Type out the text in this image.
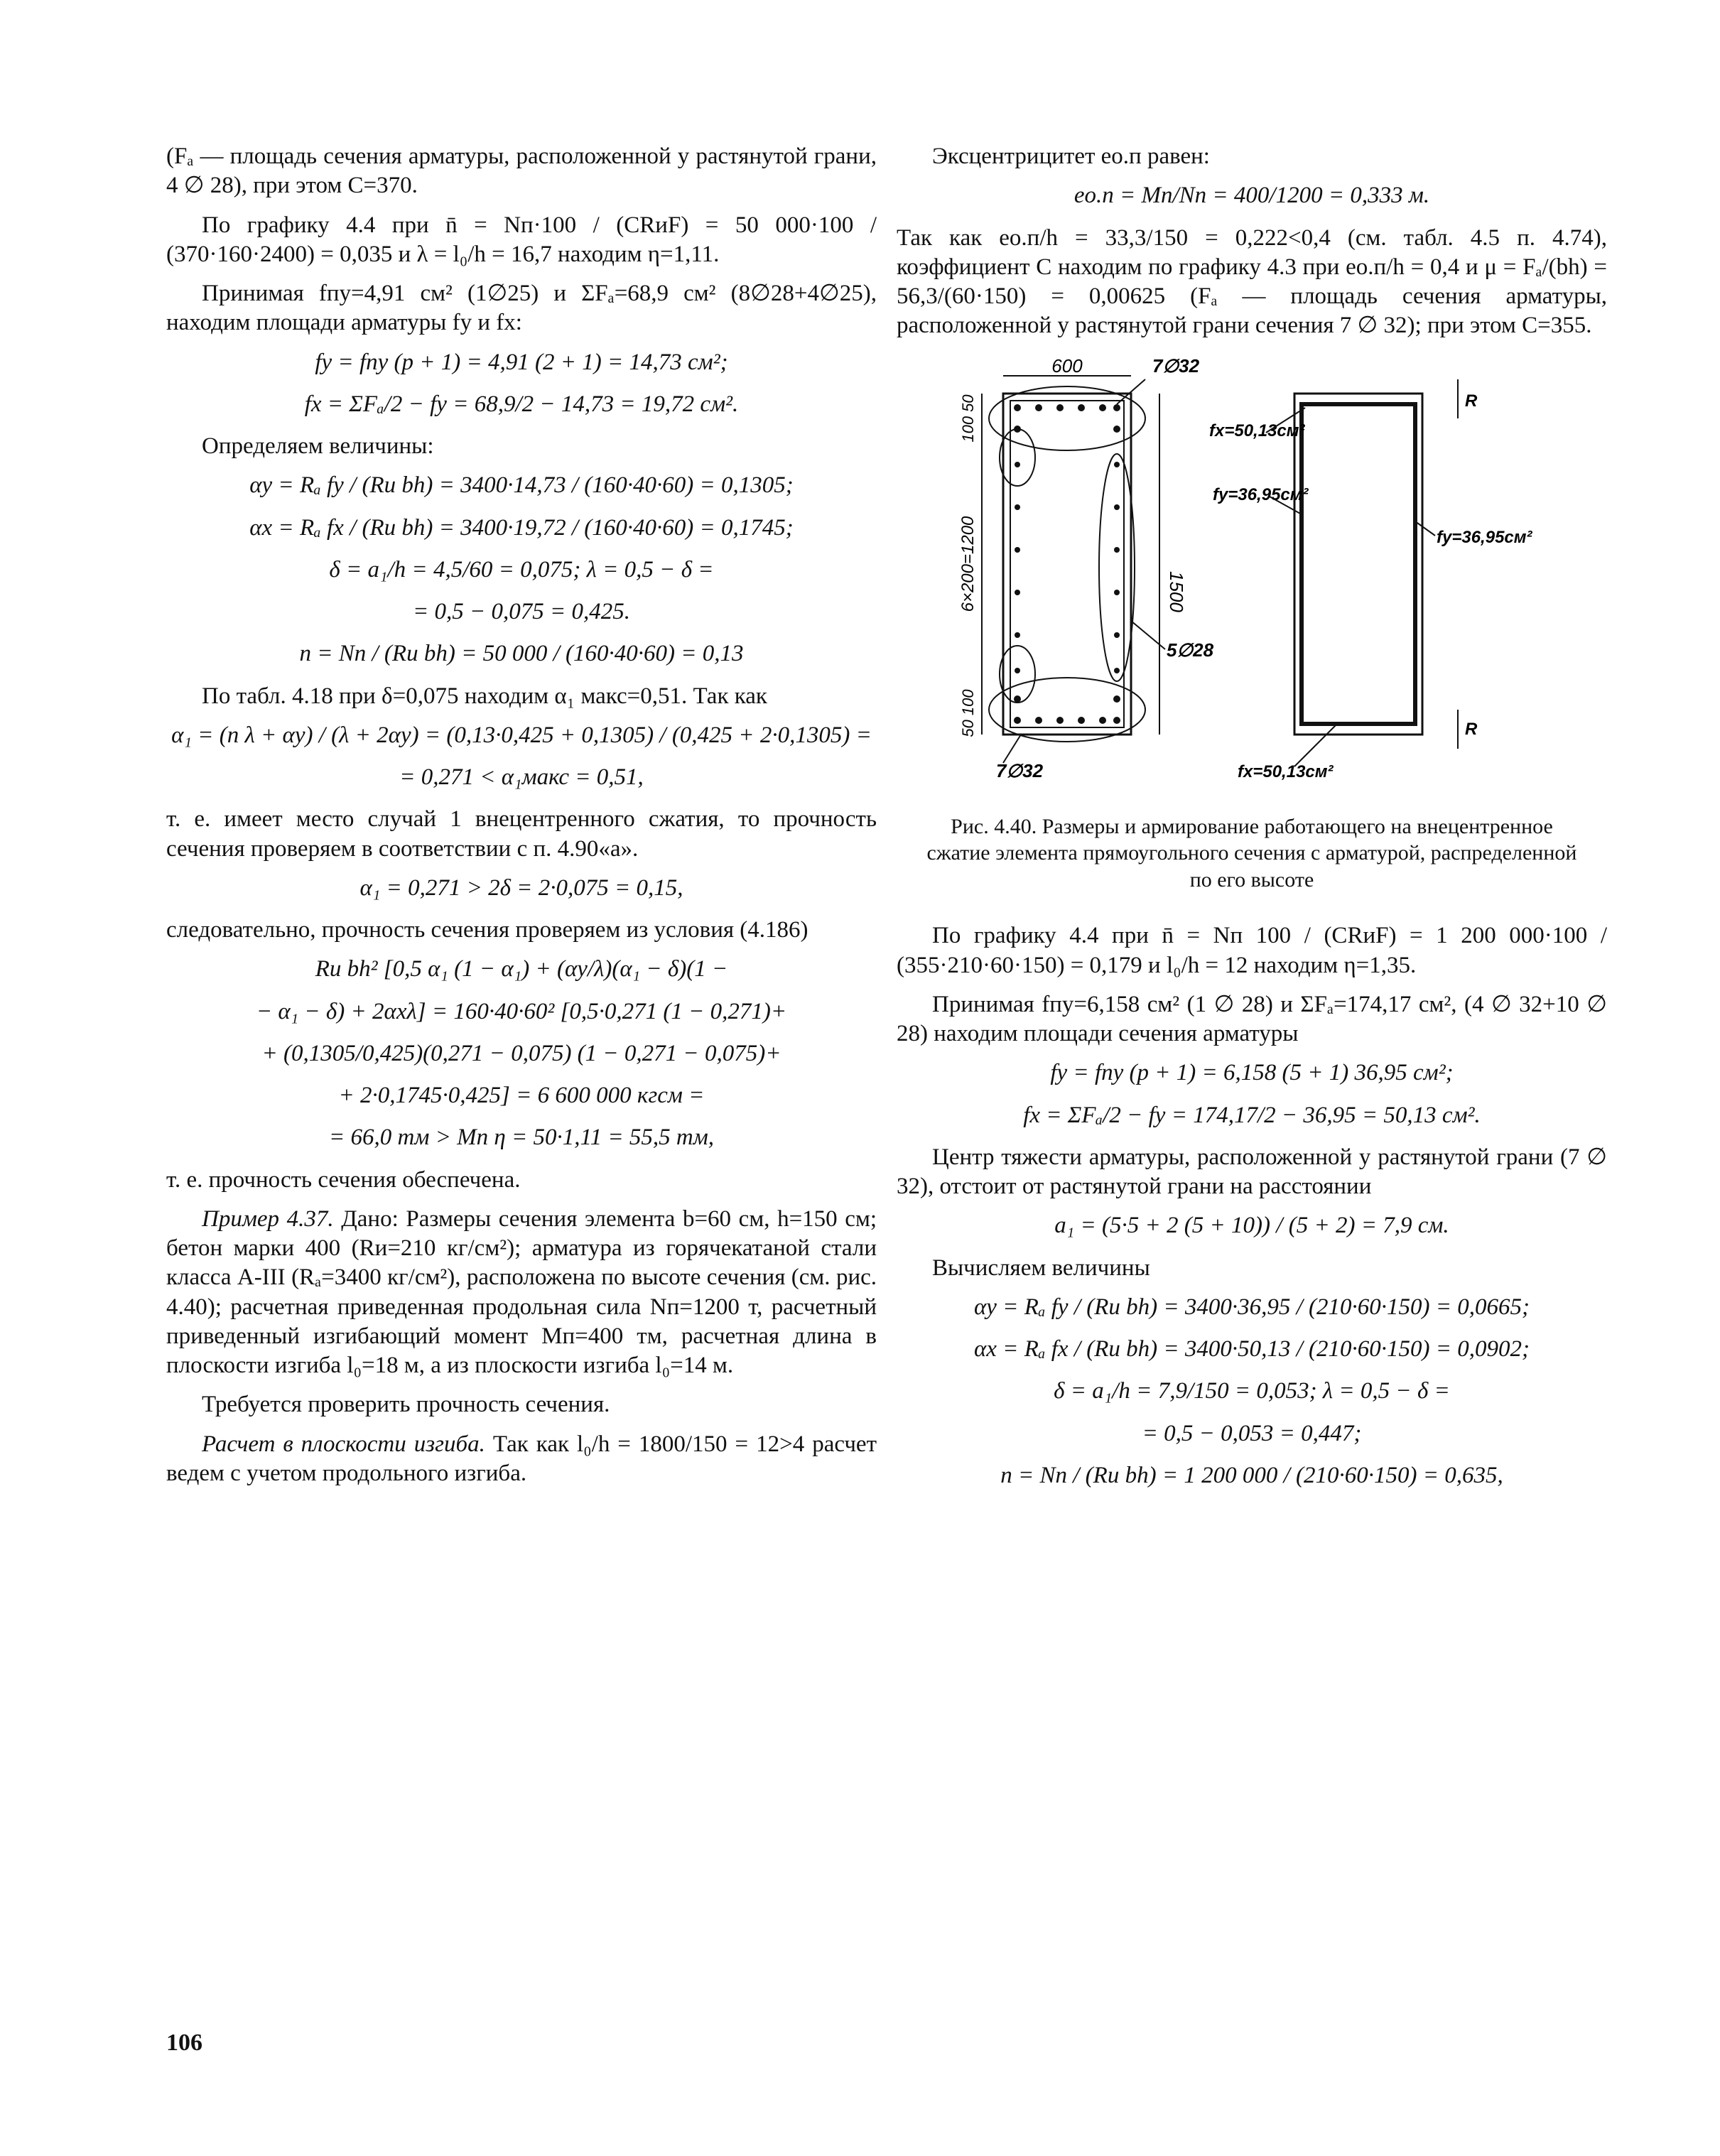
(Fₐ — площадь сечения арматуры, расположенной у растянутой грани, 4 ∅ 28), при этом C=370.

По графику 4.4 при n̄ = Nп·100 / (CRиF) = 50 000·100 / (370·160·2400) = 0,035 и λ = l₀/h = 16,7 находим η=1,11.

Принимая fпу=4,91 см² (1∅25) и ΣFₐ=68,9 см² (8∅28+4∅25), находим площади арматуры fy и fx:

fy = fпу (p + 1) = 4,91 (2 + 1) = 14,73 см²;
fx = ΣFₐ/2 − fy = 68,9/2 − 14,73 = 19,72 см².

Определяем величины:

αy = Rₐ fy / (Rи bh) = 3400·14,73 / (160·40·60) = 0,1305;
αx = Rₐ fx / (Rи bh) = 3400·19,72 / (160·40·60) = 0,1745;
δ = a₁/h = 4,5/60 = 0,075; λ = 0,5 − δ =
= 0,5 − 0,075 = 0,425.
n = Nп / (Rи bh) = 50 000 / (160·40·60) = 0,13

По табл. 4.18 при δ=0,075 находим α₁ макс=0,51. Так как

α₁ = (n λ + αy) / (λ + 2αy) = (0,13·0,425 + 0,1305) / (0,425 + 2·0,1305) =
= 0,271 < α₁макс = 0,51,

т. е. имеет место случай 1 внецентренного сжатия, то прочность сечения проверяем в соответствии с п. 4.90«а».

α₁ = 0,271 > 2δ = 2·0,075 = 0,15,

следовательно, прочность сечения проверяем из условия (4.186)

Rи bh² [0,5 α₁ (1 − α₁) + (αy/λ)(α₁ − δ)(1 −
− α₁ − δ) + 2αxλ] = 160·40·60² [0,5·0,271 (1 − 0,271)+
+ (0,1305/0,425)(0,271 − 0,075) (1 − 0,271 − 0,075)+
+ 2·0,1745·0,425] = 6 600 000 кгсм =
= 66,0 тм > Mп η = 50·1,11 = 55,5 тм,

т. е. прочность сечения обеспечена.

Пример 4.37. Дано: Размеры сечения элемента b=60 см, h=150 см; бетон марки 400 (Rи=210 кг/см²); арматура из горячекатаной стали класса А-III (Rₐ=3400 кг/см²), расположена по высоте сечения (см. рис. 4.40); расчетная приведенная продольная сила Nп=1200 т, расчетный приведенный изгибающий момент Mп=400 тм, расчетная длина в плоскости изгиба l₀=18 м, а из плоскости изгиба l₀=14 м.

Требуется проверить прочность сечения.

Расчет в плоскости изгиба. Так как l₀/h = 1800/150 = 12>4 расчет ведем с учетом продольного изгиба.

Эксцентрицитет eо.п равен:

eо.п = Mп/Nп = 400/1200 = 0,333 м.

Так как eо.п/h = 33,3/150 = 0,222<0,4 (см. табл. 4.5 п. 4.74), коэффициент C находим по графику 4.3 при eо.п/h = 0,4 и μ = Fₐ/(bh) = 56,3/(60·150) = 0,00625 (Fₐ — площадь сечения арматуры, расположенной у растянутой грани сечения 7 ∅ 32); при этом C=355.

600
1500
100 50
6×200=1200
50 100
7∅32
5∅28
7∅32
fx=50,13см²
fy=36,95см²
fy=36,95см²
fx=50,13см²
R
R
Рис. 4.40. Размеры и армирование работающего на внецентренное сжатие элемента прямоугольного сечения с арматурой, распределенной по его высоте

По графику 4.4 при n̄ = Nп 100 / (CRиF) = 1 200 000·100 / (355·210·60·150) = 0,179 и l₀/h = 12 находим η=1,35.

Принимая fпу=6,158 см² (1 ∅ 28) и ΣFₐ=174,17 см², (4 ∅ 32+10 ∅ 28) находим площади сечения арматуры

fy = fпу (p + 1) = 6,158 (5 + 1) 36,95 см²;
fx = ΣFₐ/2 − fy = 174,17/2 − 36,95 = 50,13 см².

Центр тяжести арматуры, расположенной у растянутой грани (7 ∅ 32), отстоит от растянутой грани на расстоянии

a₁ = (5·5 + 2 (5 + 10)) / (5 + 2) = 7,9 см.

Вычисляем величины

αy = Rₐ fy / (Rи bh) = 3400·36,95 / (210·60·150) = 0,0665;
αx = Rₐ fx / (Rи bh) = 3400·50,13 / (210·60·150) = 0,0902;
δ = a₁/h = 7,9/150 = 0,053; λ = 0,5 − δ =
= 0,5 − 0,053 = 0,447;
n = Nп / (Rи bh) = 1 200 000 / (210·60·150) = 0,635,
106
